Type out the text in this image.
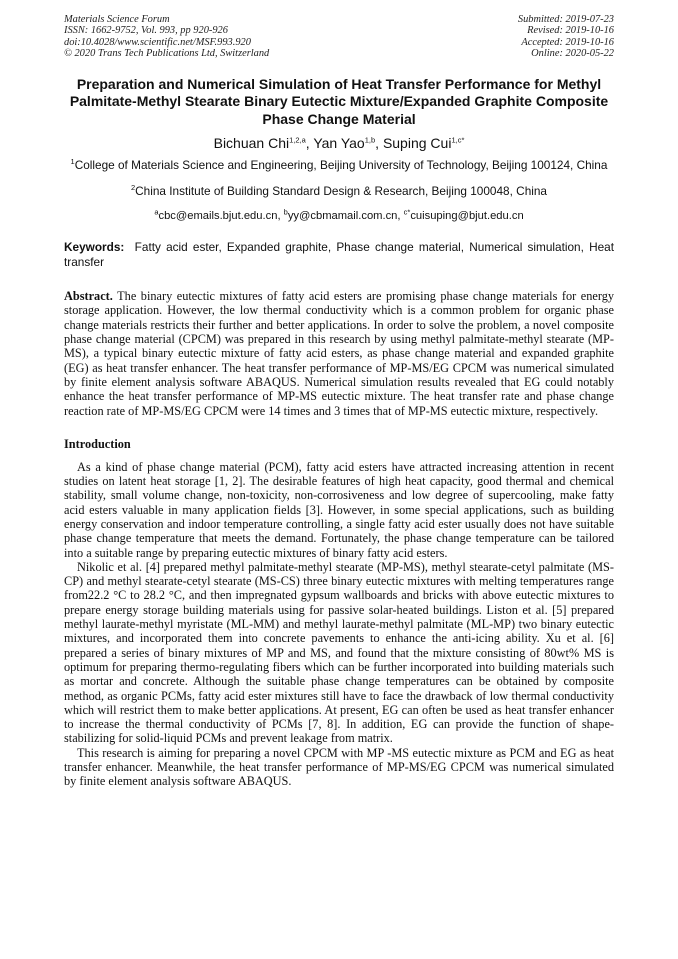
Materials Science Forum
ISSN: 1662-9752, Vol. 993, pp 920-926
doi:10.4028/www.scientific.net/MSF.993.920
© 2020 Trans Tech Publications Ltd, Switzerland
Submitted: 2019-07-23
Revised: 2019-10-16
Accepted: 2019-10-16
Online: 2020-05-22
Preparation and Numerical Simulation of Heat Transfer Performance for Methyl Palmitate-Methyl Stearate Binary Eutectic Mixture/Expanded Graphite Composite Phase Change Material
Bichuan Chi$^{1,2,a}$, Yan Yao$^{1,b}$, Suping Cui$^{1,c*}$
$^1$College of Materials Science and Engineering, Beijing University of Technology, Beijing 100124, China
$^2$China Institute of Building Standard Design & Research, Beijing 100048, China
$^a$cbc@emails.bjut.edu.cn, $^b$yy@cbmamail.com.cn, $^{c*}$cuisuping@bjut.edu.cn
Keywords: Fatty acid ester, Expanded graphite, Phase change material, Numerical simulation, Heat transfer
Abstract. The binary eutectic mixtures of fatty acid esters are promising phase change materials for energy storage application. However, the low thermal conductivity which is a common problem for organic phase change materials restricts their further and better applications. In order to solve the problem, a novel composite phase change material (CPCM) was prepared in this research by using methyl palmitate-methyl stearate (MP-MS), a typical binary eutectic mixture of fatty acid esters, as phase change material and expanded graphite (EG) as heat transfer enhancer. The heat transfer performance of MP-MS/EG CPCM was numerical simulated by finite element analysis software ABAQUS. Numerical simulation results revealed that EG could notably enhance the heat transfer performance of MP-MS eutectic mixture. The heat transfer rate and phase change reaction rate of MP-MS/EG CPCM were 14 times and 3 times that of MP-MS eutectic mixture, respectively.
Introduction

As a kind of phase change material (PCM), fatty acid esters have attracted increasing attention in recent studies on latent heat storage [1, 2]. The desirable features of high heat capacity, good thermal and chemical stability, small volume change, non-toxicity, non-corrosiveness and low degree of supercooling, make fatty acid esters valuable in many application fields [3]. However, in some special applications, such as building energy conservation and indoor temperature controlling, a single fatty acid ester usually does not have suitable phase change temperature that meets the demand. Fortunately, the phase change temperature can be tailored into a suitable range by preparing eutectic mixtures of binary fatty acid esters.

Nikolic et al. [4] prepared methyl palmitate-methyl stearate (MP-MS), methyl stearate-cetyl palmitate (MS-CP) and methyl stearate-cetyl stearate (MS-CS) three binary eutectic mixtures with melting temperatures range from22.2 °C to 28.2 °C, and then impregnated gypsum wallboards and bricks with above eutectic mixtures to prepare energy storage building materials using for passive solar-heated buildings. Liston et al. [5] prepared methyl laurate-methyl myristate (ML-MM) and methyl laurate-methyl palmitate (ML-MP) two binary eutectic mixtures, and incorporated them into concrete pavements to enhance the anti-icing ability. Xu et al. [6] prepared a series of binary mixtures of MP and MS, and found that the mixture consisting of 80wt% MS is optimum for preparing thermo-regulating fibers which can be further incorporated into building materials such as mortar and concrete. Although the suitable phase change temperatures can be obtained by composite method, as organic PCMs, fatty acid ester mixtures still have to face the drawback of low thermal conductivity which will restrict them to make better applications. At present, EG can often be used as heat transfer enhancer to increase the thermal conductivity of PCMs [7, 8]. In addition, EG can provide the function of shape-stabilizing for solid-liquid PCMs and prevent leakage from matrix.

This research is aiming for preparing a novel CPCM with MP -MS eutectic mixture as PCM and EG as heat transfer enhancer. Meanwhile, the heat transfer performance of MP-MS/EG CPCM was numerical simulated by finite element analysis software ABAQUS.
